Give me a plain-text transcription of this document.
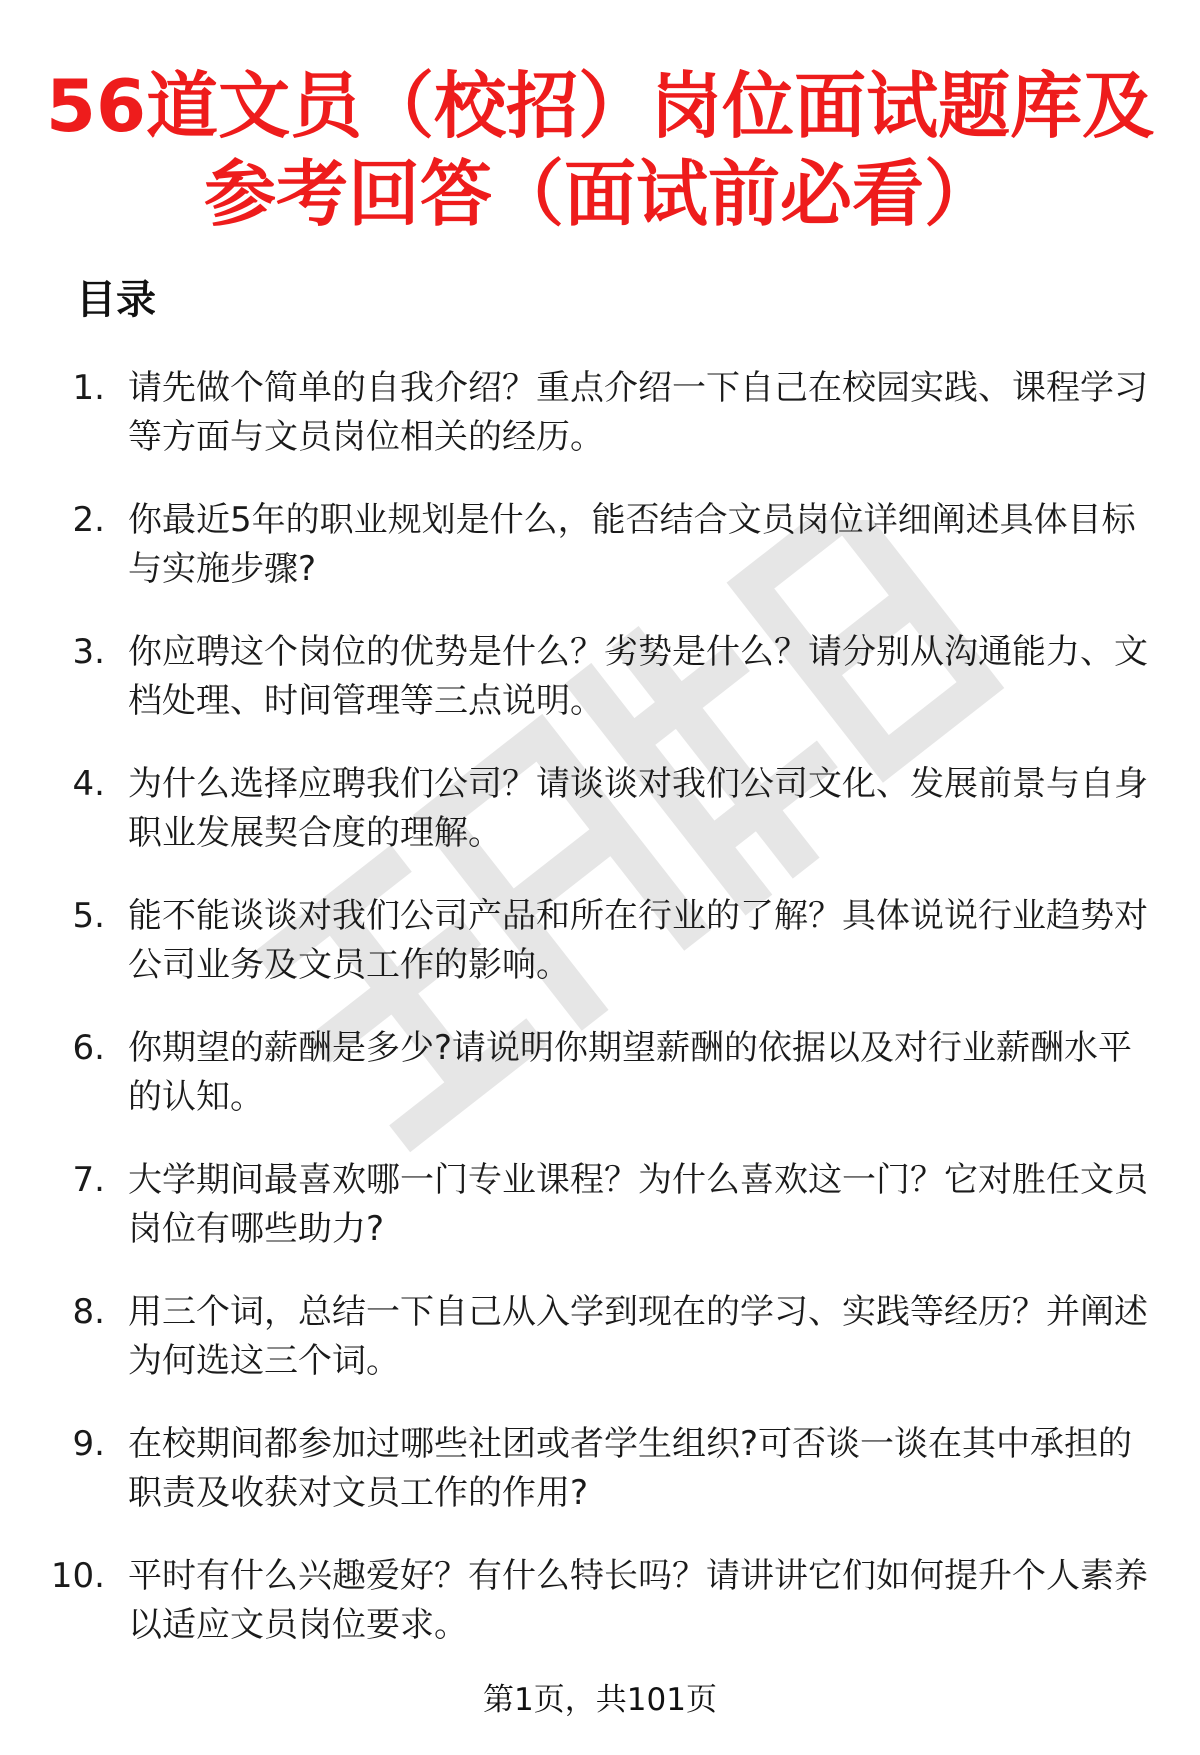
56道文员（校招）岗位面试题库及
参考回答（面试前必看）
目录
1. 请先做个简单的自我介绍？重点介绍一下自己在校园实践、课程学习等方面与文员岗位相关的经历。
2. 你最近5年的职业规划是什么，能否结合文员岗位详细阐述具体目标与实施步骤?
3. 你应聘这个岗位的优势是什么？劣势是什么？请分别从沟通能力、文档处理、时间管理等三点说明。
4. 为什么选择应聘我们公司？请谈谈对我们公司文化、发展前景与自身职业发展契合度的理解。
5. 能不能谈谈对我们公司产品和所在行业的了解？具体说说行业趋势对公司业务及文员工作的影响。
6. 你期望的薪酬是多少?请说明你期望薪酬的依据以及对行业薪酬水平的认知。
7. 大学期间最喜欢哪一门专业课程？为什么喜欢这一门？它对胜任文员岗位有哪些助力?
8. 用三个词，总结一下自己从入学到现在的学习、实践等经历？并阐述为何选这三个词。
9. 在校期间都参加过哪些社团或者学生组织?可否谈一谈在其中承担的职责及收获对文员工作的作用?
10. 平时有什么兴趣爱好？有什么特长吗？请讲讲它们如何提升个人素养以适应文员岗位要求。
第1页，共101页
